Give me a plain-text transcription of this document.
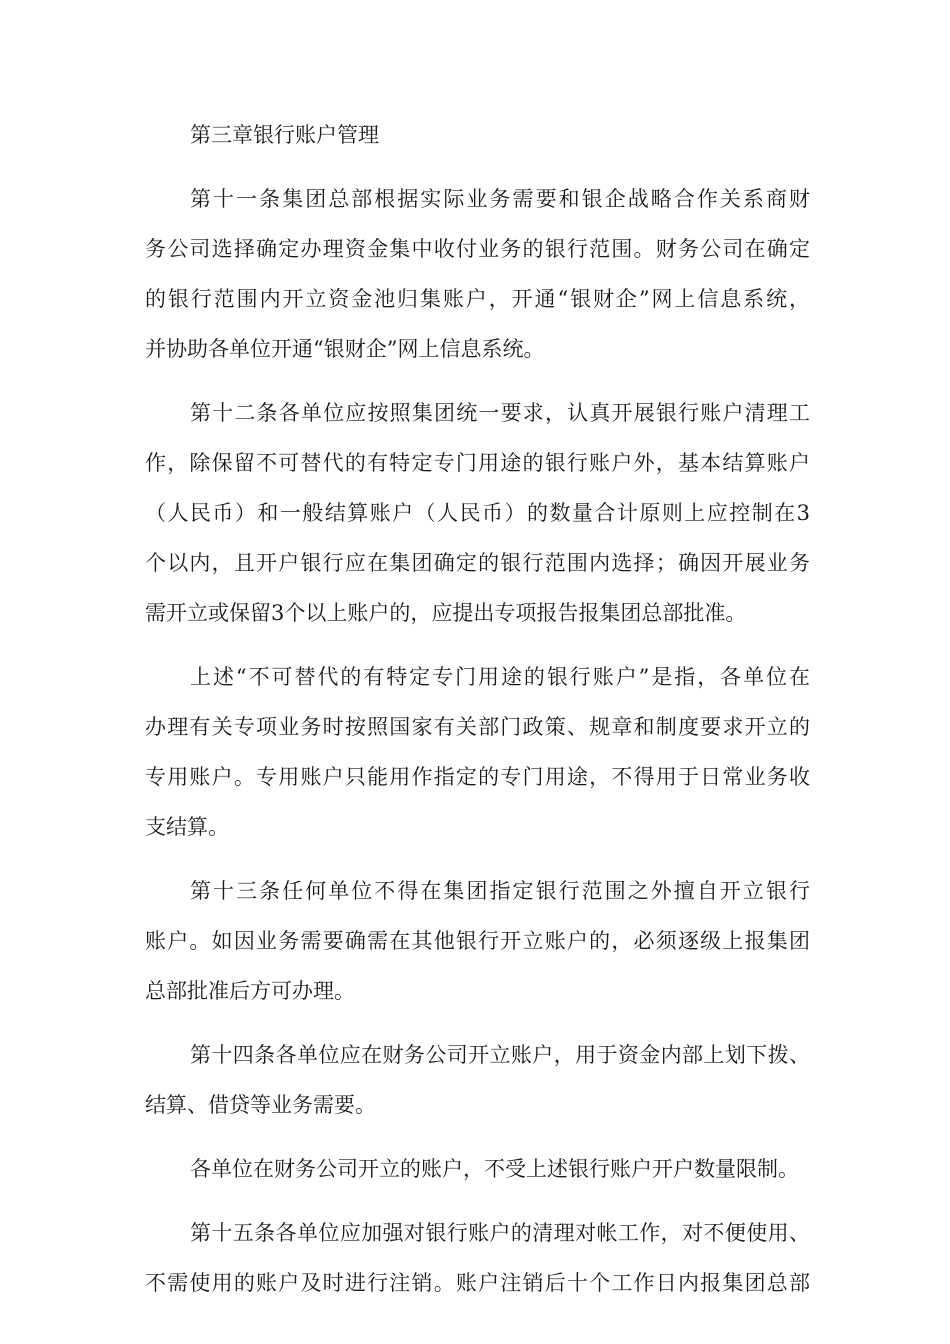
第三章银行账户管理
第十一条集团总部根据实际业务需要和银企战略合作关系商财
务公司选择确定办理资金集中收付业务的银行范围。财务公司在确定
的银行范围内开立资金池归集账户，开通“银财企”网上信息系统，
并协助各单位开通“银财企”网上信息系统。
第十二条各单位应按照集团统一要求，认真开展银行账户清理工
作，除保留不可替代的有特定专门用途的银行账户外，基本结算账户
（人民币）和一般结算账户（人民币）的数量合计原则上应控制在3
个以内，且开户银行应在集团确定的银行范围内选择；确因开展业务
需开立或保留3个以上账户的，应提出专项报告报集团总部批准。
上述“不可替代的有特定专门用途的银行账户”是指，各单位在
办理有关专项业务时按照国家有关部门政策、规章和制度要求开立的
专用账户。专用账户只能用作指定的专门用途，不得用于日常业务收
支结算。
第十三条任何单位不得在集团指定银行范围之外擅自开立银行
账户。如因业务需要确需在其他银行开立账户的，必须逐级上报集团
总部批准后方可办理。
第十四条各单位应在财务公司开立账户，用于资金内部上划下拨、
结算、借贷等业务需要。
各单位在财务公司开立的账户，不受上述银行账户开户数量限制。
第十五条各单位应加强对银行账户的清理对帐工作，对不便使用、
不需使用的账户及时进行注销。账户注销后十个工作日内报集团总部
